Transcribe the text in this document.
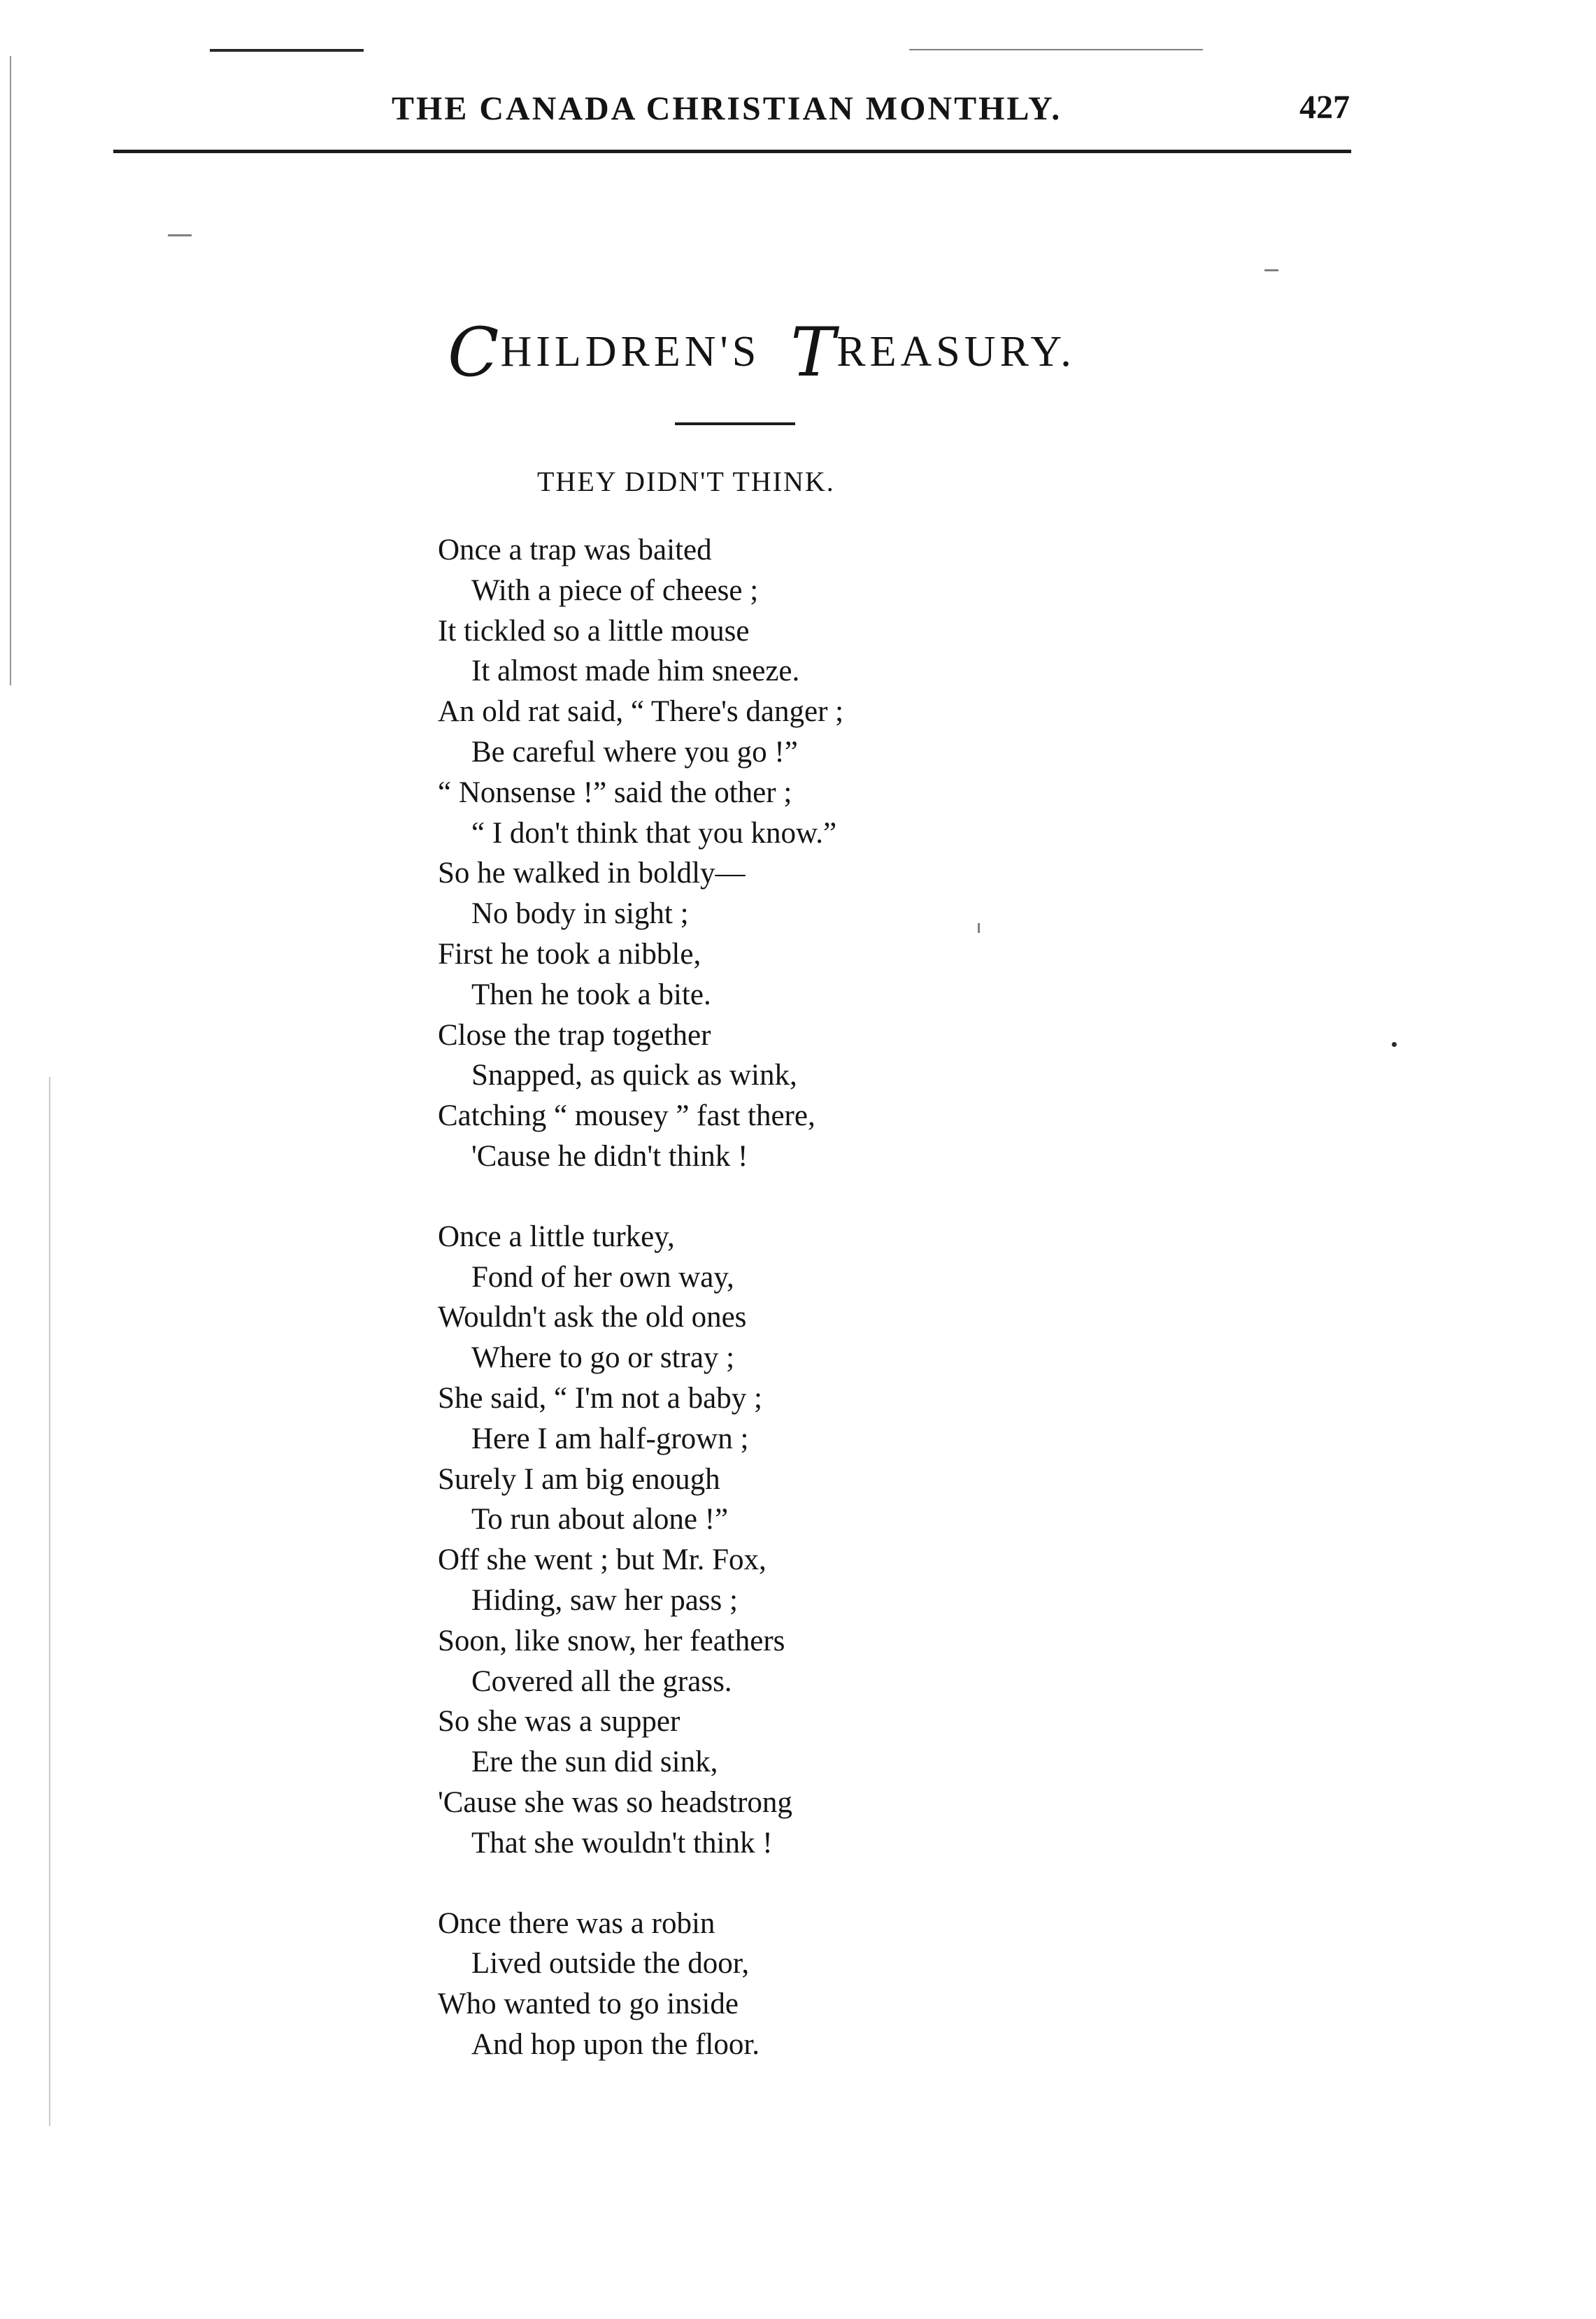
THE CANADA CHRISTIAN MONTHLY.	427
CHILDREN'S TREASURY.
THEY DIDN'T THINK.
Once a trap was baited
With a piece of cheese ;
It tickled so a little mouse
It almost made him sneeze.
An old rat said, “ There's danger ;
Be careful where you go !”
“ Nonsense !” said the other ;
“ I don't think that you know.”
So he walked in boldly—
No body in sight ;
First he took a nibble,
Then he took a bite.
Close the trap together
Snapped, as quick as wink,
Catching “ mousey ” fast there,
'Cause he didn't think !
Once a little turkey,
Fond of her own way,
Wouldn't ask the old ones
Where to go or stray ;
She said, “ I'm not a baby ;
Here I am half-grown ;
Surely I am big enough
To run about alone !”
Off she went ; but Mr. Fox,
Hiding, saw her pass ;
Soon, like snow, her feathers
Covered all the grass.
So she was a supper
Ere the sun did sink,
'Cause she was so headstrong
That she wouldn't think !
Once there was a robin
Lived outside the door,
Who wanted to go inside
And hop upon the floor.
